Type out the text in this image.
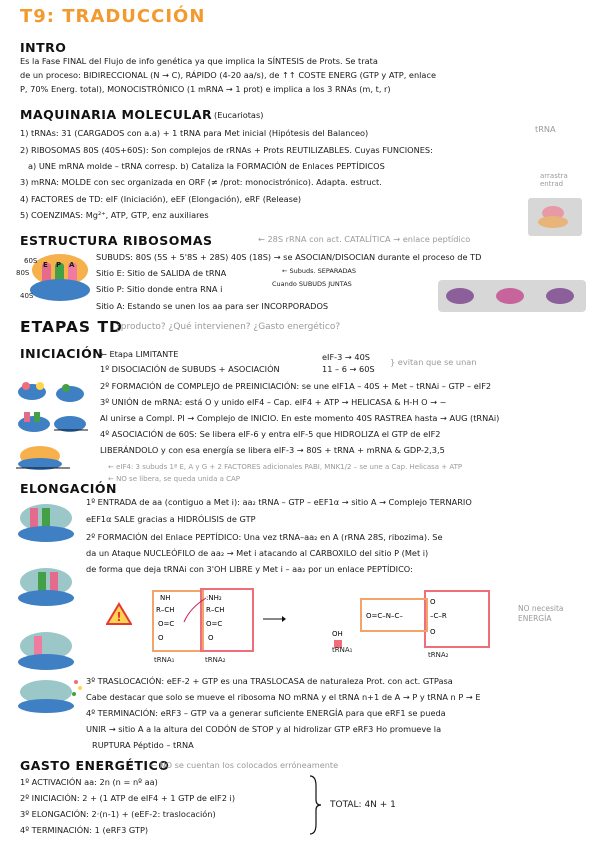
T9: TRADUCCIÓN
INTRO
Es la Fase FINAL del Flujo de info genética ya que implica la SÍNTESIS de Prots. Se trata
de un proceso: BIDIRECCIONAL (N → C), RÁPIDO (4-20 aa/s), de ↑↑ COSTE ENERG (GTP y ATP, enlace
P, 70% Energ. total), MONOCISTRÓNICO (1 mRNA → 1 prot) e implica a los 3 RNAs (m, t, r)
MAQUINARIA MOLECULAR (Eucariotas)
1) tRNAs: 31 (CARGADOS con a.a) + 1 tRNA para Met inicial (Hipótesis del Balanceo)	tRNA
2) RIBOSOMAS 80S (40S+60S): Son complejos de rRNAs + Prots REUTILIZABLES. Cuyas FUNCIONES:
a) UNE mRNA molde – tRNA corresp. b) Cataliza la FORMACIÓN de Enlaces PEPTÍDICOS
3) mRNA: MOLDE con sec organizada en ORF (≠ /prot: monocistrónico). Adapta. estruct.
arrastra entrad
4) FACTORES de TD: eIF (Iniciación), eEF (Elongación), eRF (Release)
5) COENZIMAS: Mg²⁺, ATP, GTP, enz auxiliares
ESTRUCTURA RIBOSOMAS	← 28S rRNA con act. CATALÍTICA → enlace peptídico
60S
80S
40S
E P A
SUBUDS: 80S (5S + 5'8S + 28S) 40S (18S) → se ASOCIAN/DISOCIAN durante el proceso de TD
Sitio E: Sitio de SALIDA de tRNA	← Subuds. SEPARADAS
Sitio P: Sitio donde entra RNA i	Cuando SUBUDS JUNTAS
Sitio A: Estando se unen los aa para ser INCORPORADOS
ETAPAS TD
¿producto? ¿Qué intervienen? ¿Gasto energético?
INICIACIÓN
← Etapa LIMITANTE
1º DISOCIACIÓN de SUBUDS + ASOCIACIÓN
eIF-3 → 40S
11 – 6 → 60S
} evitan que se unan
2º FORMACIÓN de COMPLEJO de PREINICIACIÓN: se une eIF1A – 40S + Met – tRNAi – GTP – eIF2
3º UNIÓN de mRNA: está O y unido eIF4 – Cap. eIF4 + ATP → HELICASA & H-H O → ~
Al unirse a Compl. PI → Complejo de INICIO. En este momento 40S RASTREA hasta → AUG (tRNAi)
4º ASOCIACIÓN de 60S: Se libera eIF-6 y entra eIF-5 que HIDROLIZA el GTP de eIF2
LIBERÁNDOLO y con esa energía se libera eIF-3 → 80S + tRNA + mRNA & GDP-2,3,5
← eIF4: 3 subuds 1ª E, A y G + 2 FACTORES adicionales PABI, MNK1/2 – se une a Cap. Helicasa + ATP
← NO se libera, se queda unida a CAP
ELONGACIÓN
1º ENTRADA de aa (contiguo a Met i): aa₂ tRNA – GTP – eEF1α → sitio A → Complejo TERNARIO
eEF1α SALE gracias a HIDRÓLISIS de GTP
2º FORMACIÓN del Enlace PEPTÍDICO: Una vez tRNA–aa₂ en A (rRNA 28S, ribozima). Se
da un Ataque NUCLEÓFILO de aa₂ → Met i atacando al CARBOXILO del sitio P (Met i)
de forma que deja tRNAi con 3'OH LIBRE y Met i – aa₂ por un enlace PEPTÍDICO:
!
NH
R–CH
O=C
O
:NH₂
R–CH
O=C
O
tRNA₁	tRNA₂
OH
tRNA₁
O=C–N–C–
O
–C–R
O
tRNA₂
NO necesita ENERGÍA
3º TRASLOCACIÓN: eEF-2 + GTP es una TRASLOCASA de naturaleza Prot. con act. GTPasa
Cabe destacar que solo se mueve el ribosoma NO mRNA y el tRNA n+1 de A → P y tRNA n P → E
4º TERMINACIÓN: eRF3 – GTP va a generar suficiente ENERGÍA para que eRF1 se pueda
UNIR → sitio A a la altura del CODÓN de STOP y al hidrolizar GTP eRF3 Ho promueve la
RUPTURA Péptido – tRNA
GASTO ENERGÉTICO
← NO se cuentan los colocados erróneamente
1º ACTIVACIÓN aa: 2n (n = nº aa)
2º INICIACIÓN: 2 + (1 ATP de eIF4 + 1 GTP de eIF2 i)
3º ELONGACIÓN: 2·(n-1) + (eEF-2: traslocación)
4º TERMINACIÓN: 1 (eRF3 GTP)
TOTAL: 4N + 1
